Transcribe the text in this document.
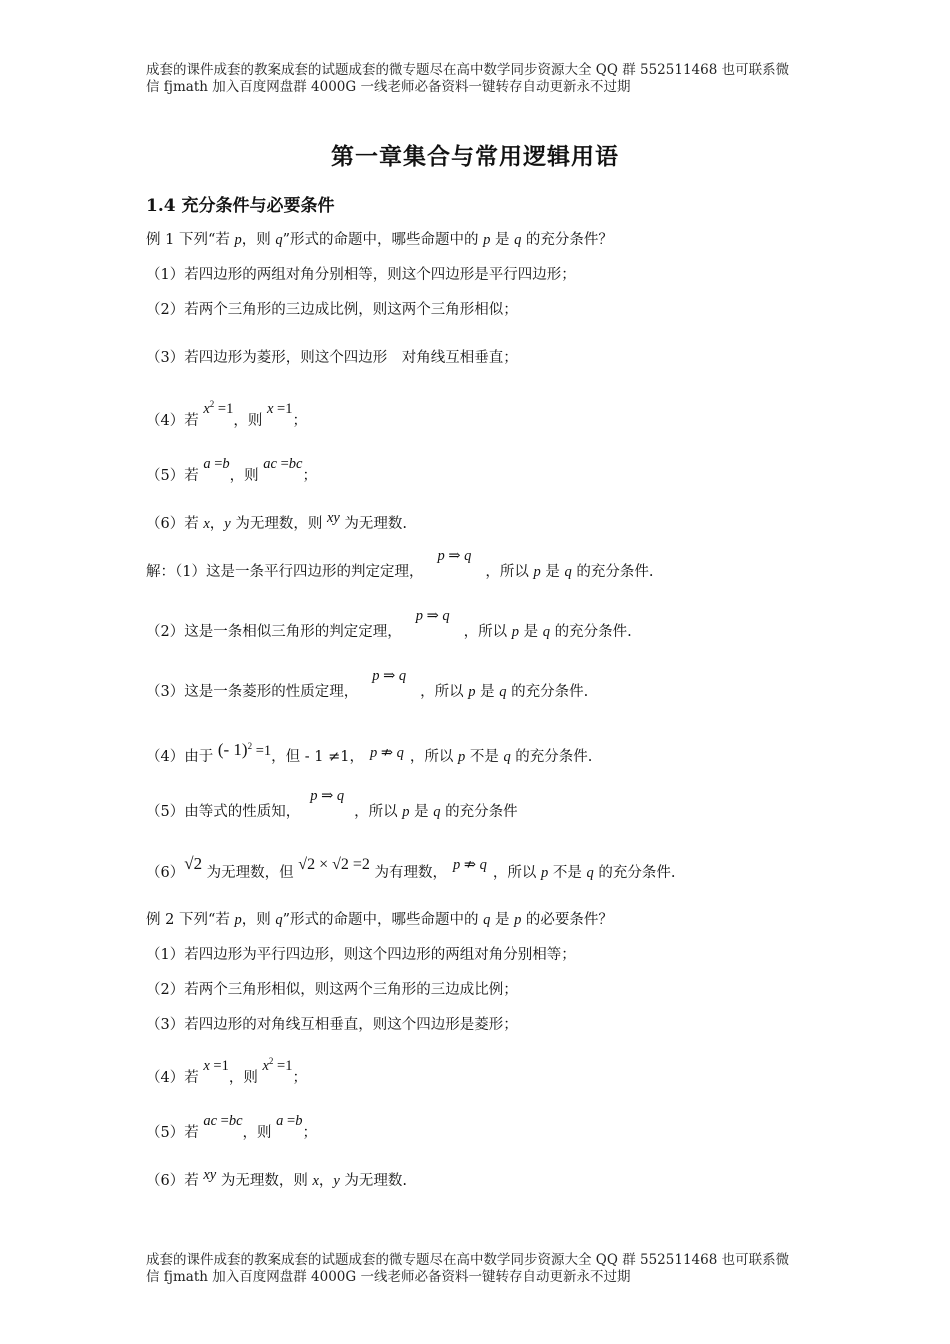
成套的课件成套的教案成套的试题成套的微专题尽在高中数学同步资源大全 QQ 群 552511468 也可联系微
信 fjmath 加入百度网盘群 4000G 一线老师必备资料一键转存自动更新永不过期
第一章集合与常用逻辑用语
1.4 充分条件与必要条件
例 1 下列“若 p，则 q”形式的命题中，哪些命题中的 p 是 q 的充分条件？
（1）若四边形的两组对角分别相等，则这个四边形是平行四边形；
（2）若两个三角形的三边成比例，则这两个三角形相似；
（3）若四边形为菱形，则这个四边形　对角线互相垂直；
（4）若 $x^2 =1$，则 x =1；
（5）若 a =b，则 ac =bc；
（6）若 x，y 为无理数，则 xy 为无理数.
解：（1）这是一条平行四边形的判定定理，p ⇒ q，所以 p 是 q 的充分条件.
（2）这是一条相似三角形的判定定理，p ⇒ q，所以 p 是 q 的充分条件.
（3）这是一条菱形的性质定理，p ⇒ q，所以 p 是 q 的充分条件.
（4）由于 (- 1)$^2$ =1，但 - 1 ≠1， p ⇏ q ，所以 p 不是 q 的充分条件.
（5）由等式的性质知，p ⇒ q，所以 p 是 q 的充分条件
（6）√2 为无理数，但 √2 × √2 =2 为有理数， p ⇏ q ，所以 p 不是 q 的充分条件.
例 2 下列“若 p，则 q”形式的命题中，哪些命题中的 q 是 p 的必要条件？
（1）若四边形为平行四边形，则这个四边形的两组对角分别相等；
（2）若两个三角形相似，则这两个三角形的三边成比例；
（3）若四边形的对角线互相垂直，则这个四边形是菱形；
（4）若 x =1，则 $x^2 =1$；
（5）若 ac =bc，则 a =b；
（6）若 xy 为无理数，则 x，y 为无理数.
成套的课件成套的教案成套的试题成套的微专题尽在高中数学同步资源大全 QQ 群 552511468 也可联系微
信 fjmath 加入百度网盘群 4000G 一线老师必备资料一键转存自动更新永不过期
